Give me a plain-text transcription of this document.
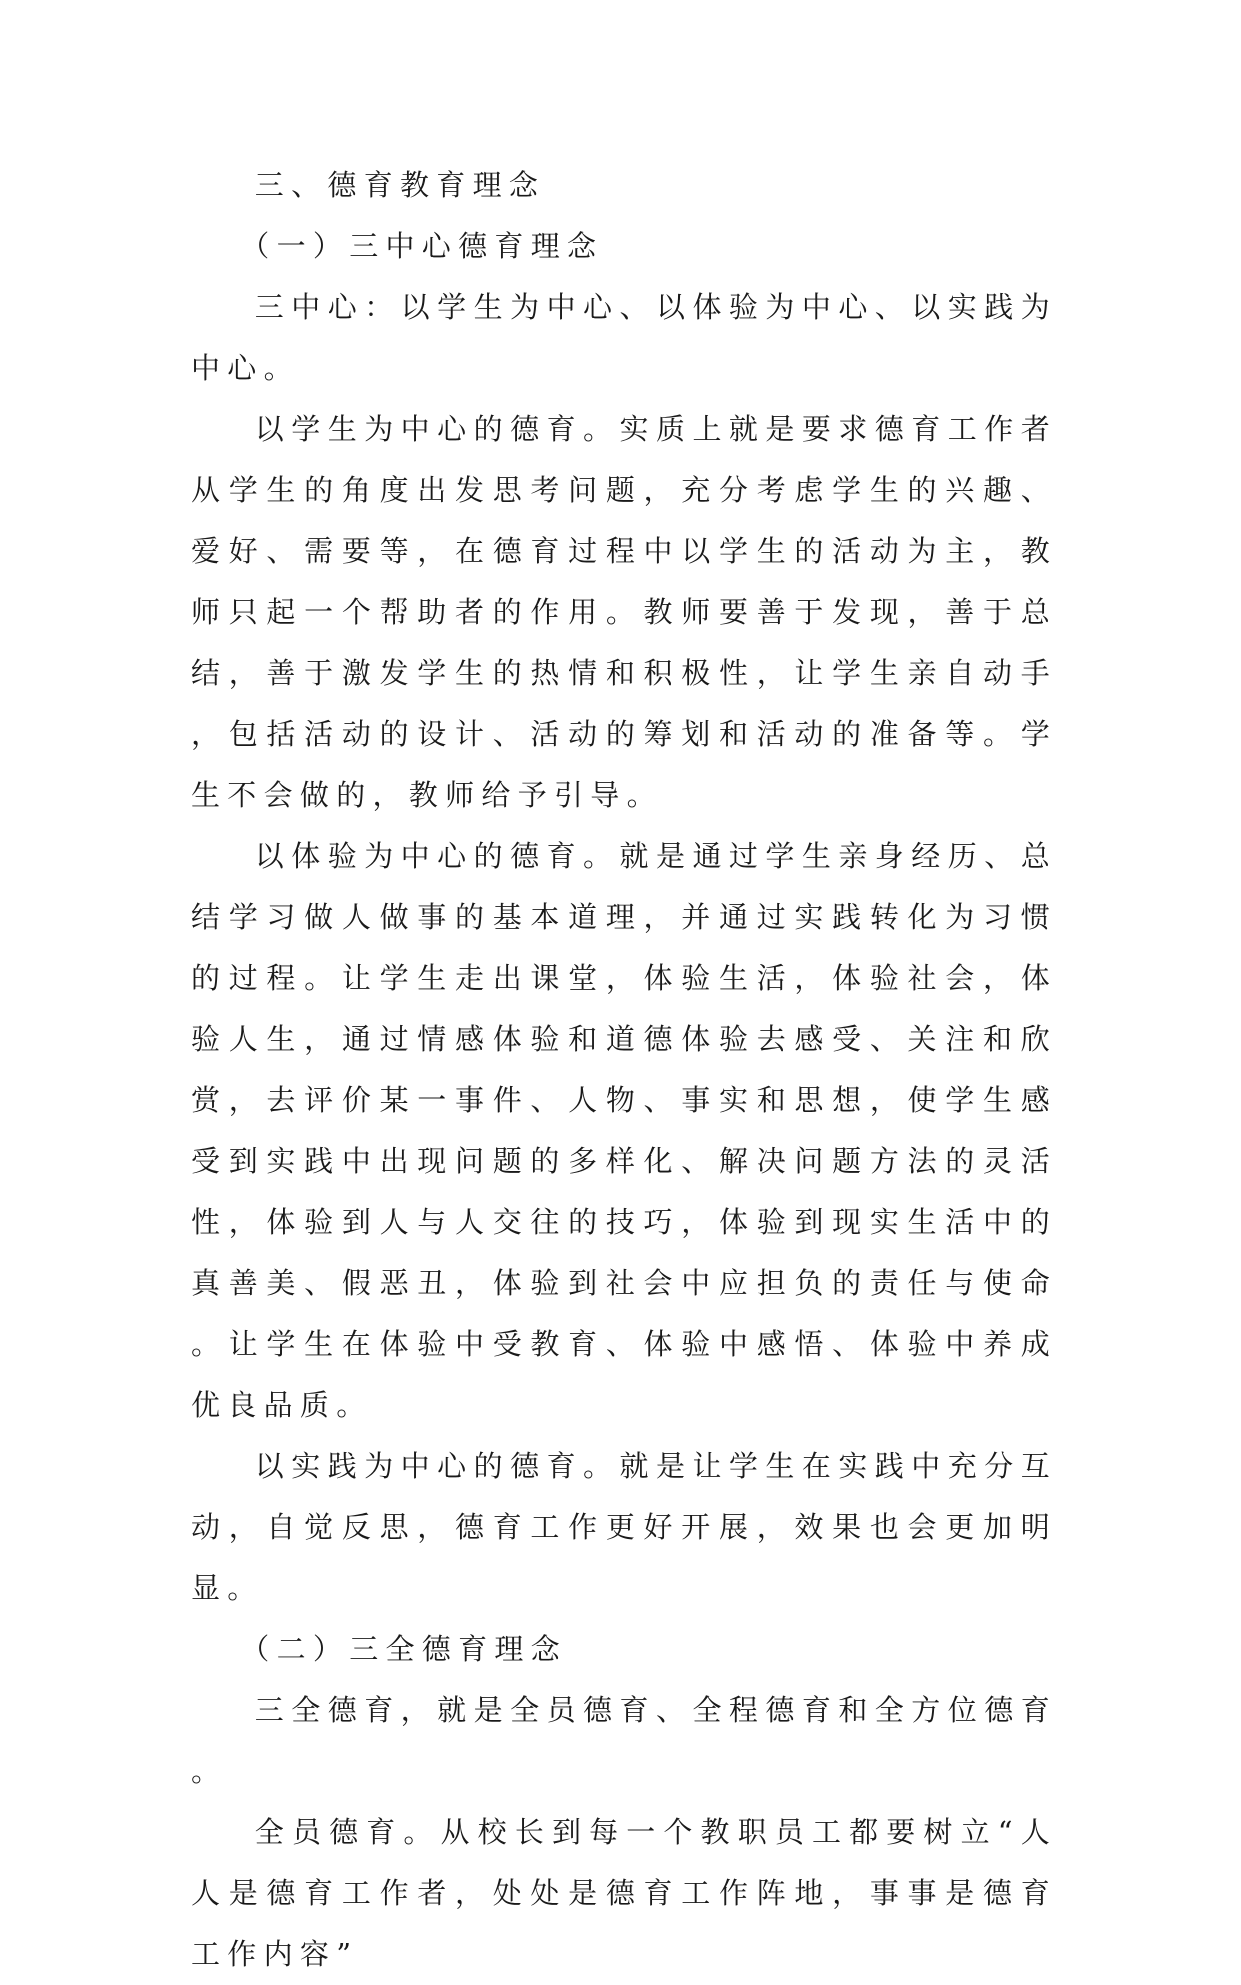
三、德育教育理念

（一）三中心德育理念

三中心：以学生为中心、以体验为中心、以实践为中心。

以学生为中心的德育。实质上就是要求德育工作者从学生的角度出发思考问题，充分考虑学生的兴趣、爱好、需要等，在德育过程中以学生的活动为主，教师只起一个帮助者的作用。教师要善于发现，善于总结，善于激发学生的热情和积极性，让学生亲自动手，包括活动的设计、活动的筹划和活动的准备等。学生不会做的，教师给予引导。

以体验为中心的德育。就是通过学生亲身经历、总结学习做人做事的基本道理，并通过实践转化为习惯的过程。让学生走出课堂，体验生活，体验社会，体验人生，通过情感体验和道德体验去感受、关注和欣赏，去评价某一事件、人物、事实和思想，使学生感受到实践中出现问题的多样化、解决问题方法的灵活性，体验到人与人交往的技巧，体验到现实生活中的真善美、假恶丑，体验到社会中应担负的责任与使命。让学生在体验中受教育、体验中感悟、体验中养成优良品质。

以实践为中心的德育。就是让学生在实践中充分互动，自觉反思，德育工作更好开展，效果也会更加明显。

（二）三全德育理念

三全德育，就是全员德育、全程德育和全方位德育。

全员德育。从校长到每一个教职员工都要树立“人人是德育工作者，处处是德育工作阵地，事事是德育工作内容”
